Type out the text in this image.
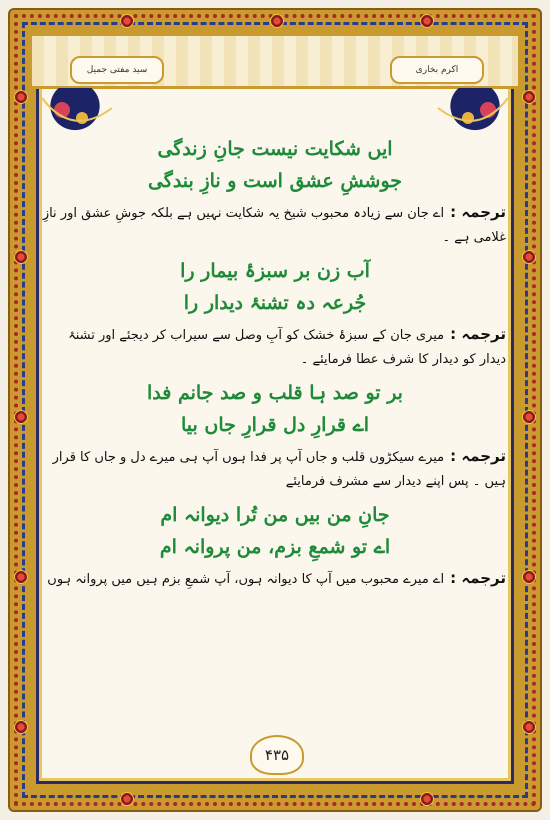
سید مفتی جمیل	اکرم بخاری
ایں شکایت نیست جانِ زندگی
جوششِ عشق است و نازِ بندگی
ترجمہ :اے جان سے زیادہ محبوب شیخ یہ شکایت نہیں ہے بلکہ جوشِ عشق اور نازِ غلامی ہے ۔
آب زن بر سبزۂ بیمار را
جُرعہ دہ تشنۂ دیدار را
ترجمہ :میری جان کے سبزۂ خشک کو آبِ وصل سے سیراب کر دیجئے اور تشنۂ دیدار کو دیدار کا شرف عطا فرمایئے ۔
بر تو صد ہا قلب و صد جانم فدا
اے قرارِ دل قرارِ جاں بیا
ترجمہ :میرے سیکڑوں قلب و جاں آپ پر فدا ہوں آپ ہی میرے دل و جاں کا قرار ہیں ۔ پس اپنے دیدار سے مشرف فرمایئے
جانِ من بیں من تُرا دیوانہ ام
اے تو شمعِ بزم، من پروانہ ام
ترجمہ :اے میرے محبوب میں آپ کا دیوانہ ہوں، آپ شمعِ بزم ہیں میں پروانہ ہوں
۴۳۵
